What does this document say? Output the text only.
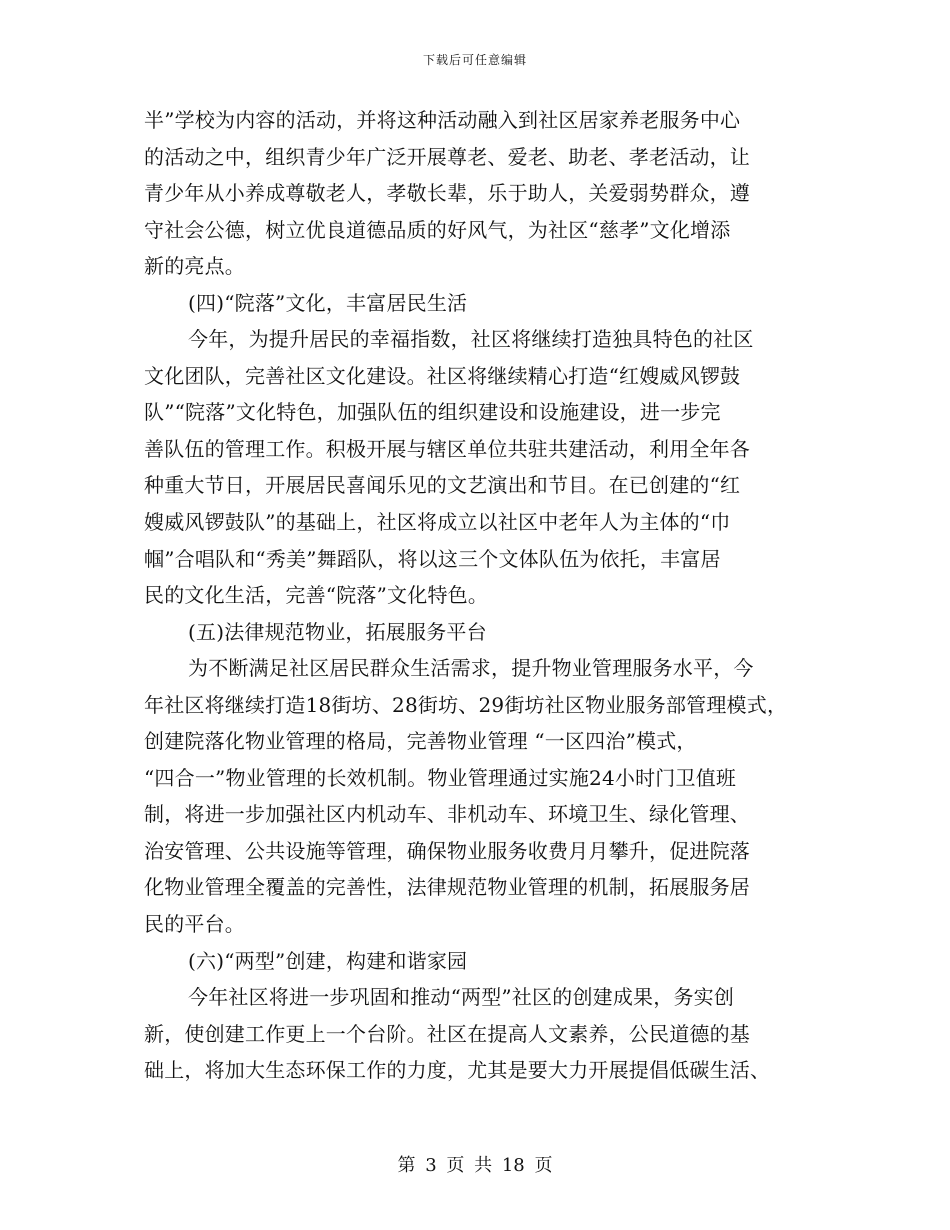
下载后可任意编辑
半”学校为内容的活动，并将这种活动融入到社区居家养老服务中心
的活动之中，组织青少年广泛开展尊老、爱老、助老、孝老活动，让
青少年从小养成尊敬老人，孝敬长辈，乐于助人，关爱弱势群众，遵
守社会公德，树立优良道德品质的好风气，为社区“慈孝”文化增添
新的亮点。
(四)“院落”文化，丰富居民生活
今年，为提升居民的幸福指数，社区将继续打造独具特色的社区
文化团队，完善社区文化建设。社区将继续精心打造“红嫂威风锣鼓
队”“院落”文化特色，加强队伍的组织建设和设施建设，进一步完
善队伍的管理工作。积极开展与辖区单位共驻共建活动，利用全年各
种重大节日，开展居民喜闻乐见的文艺演出和节目。在已创建的“红
嫂威风锣鼓队”的基础上，社区将成立以社区中老年人为主体的“巾
帼”合唱队和“秀美”舞蹈队，将以这三个文体队伍为依托，丰富居
民的文化生活，完善“院落”文化特色。
(五)法律规范物业，拓展服务平台
为不断满足社区居民群众生活需求，提升物业管理服务水平，今
年社区将继续打造18街坊、28街坊、29街坊社区物业服务部管理模式，
创建院落化物业管理的格局，完善物业管理 “一区四治”模式，
“四合一”物业管理的长效机制。物业管理通过实施24小时门卫值班
制，将进一步加强社区内机动车、非机动车、环境卫生、绿化管理、
治安管理、公共设施等管理，确保物业服务收费月月攀升，促进院落
化物业管理全覆盖的完善性，法律规范物业管理的机制，拓展服务居
民的平台。
(六)“两型”创建，构建和谐家园
今年社区将进一步巩固和推动“两型”社区的创建成果，务实创
新，使创建工作更上一个台阶。社区在提高人文素养，公民道德的基
础上，将加大生态环保工作的力度，尤其是要大力开展提倡低碳生活、
第 3 页 共 18 页
